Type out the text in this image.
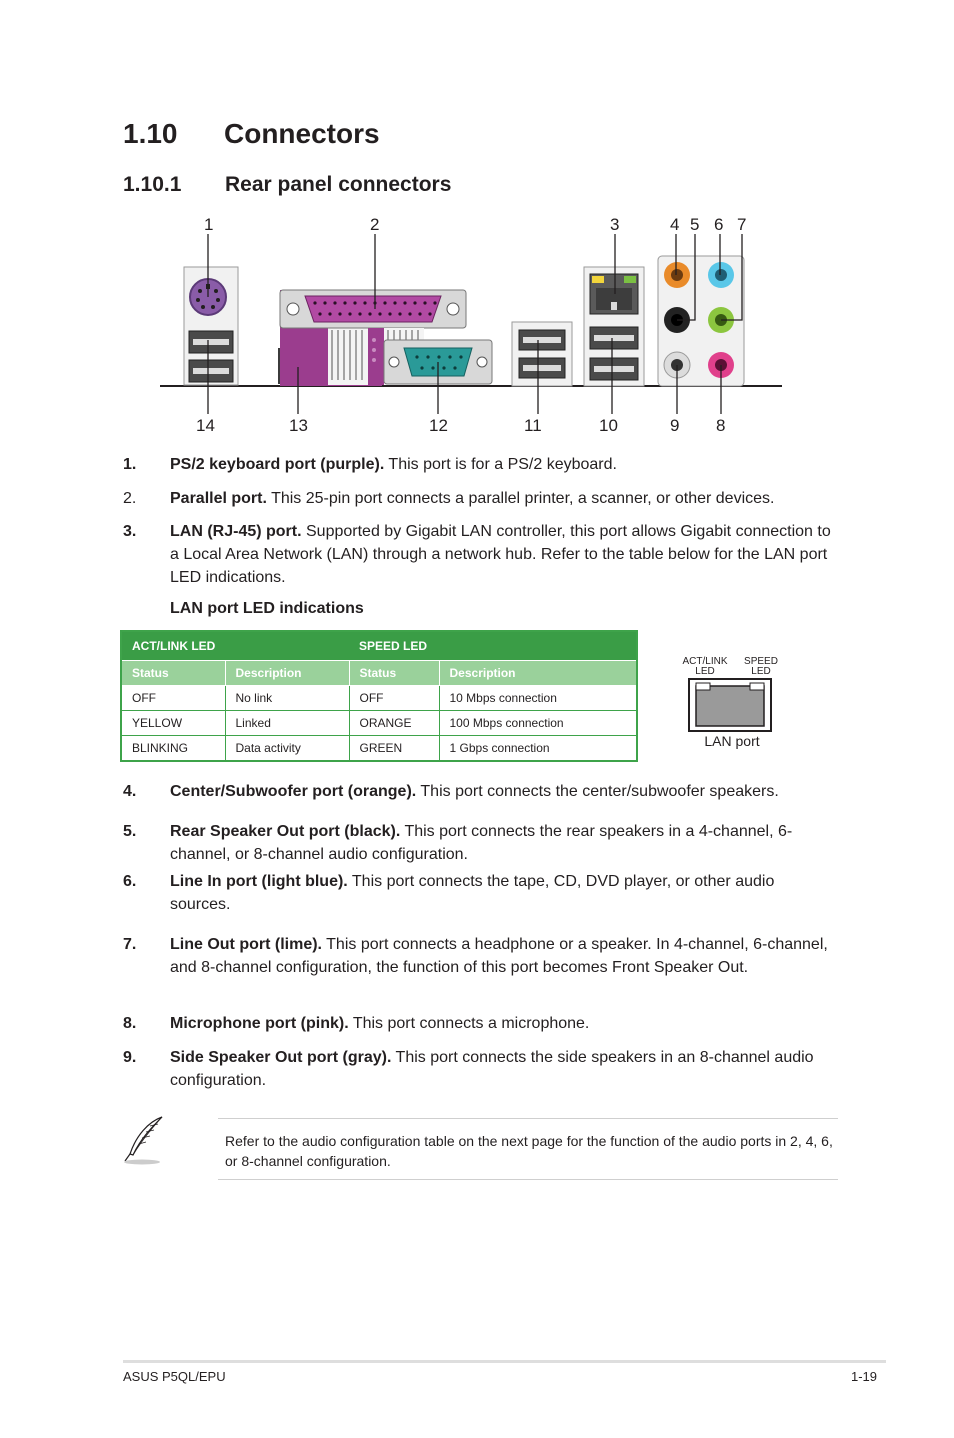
1.10 Connectors
1.10.1 Rear panel connectors
1	2	3	4 5 6 7
14	13	12	11	10	9 8
1.	PS/2 keyboard port (purple). This port is for a PS/2 keyboard.
2.	Parallel port. This 25-pin port connects a parallel printer, a scanner, or other devices.
3.	LAN (RJ-45) port. Supported by Gigabit LAN controller, this port allows Gigabit connection to a Local Area Network (LAN) through a network hub. Refer to the table below for the LAN port LED indications.
LAN port LED indications
ACT/LINK LED		SPEED LED	
Status	Description	Status	Description
OFF	No link	OFF	10 Mbps connection
YELLOW	Linked	ORANGE	100 Mbps connection
BLINKING	Data activity	GREEN	1 Gbps connection
ACT/LINK
LED
SPEED
LED
LAN port
4.	Center/Subwoofer port (orange). This port connects the center/subwoofer speakers.
5.	Rear Speaker Out port (black). This port connects the rear speakers in a 4-channel, 6-channel, or 8-channel audio configuration.
6.	Line In port (light blue). This port connects the tape, CD, DVD player, or other audio sources.
7.	Line Out port (lime). This port connects a headphone or a speaker. In 4-channel, 6-channel, and 8-channel configuration, the function of this port becomes Front Speaker Out.
8.	Microphone port (pink). This port connects a microphone.
9.	Side Speaker Out port (gray). This port connects the side speakers in an 8-channel audio configuration.
Refer to the audio configuration table on the next page for the function of the audio ports in 2, 4, 6, or 8-channel configuration.
ASUS P5QL/EPU	1-19
